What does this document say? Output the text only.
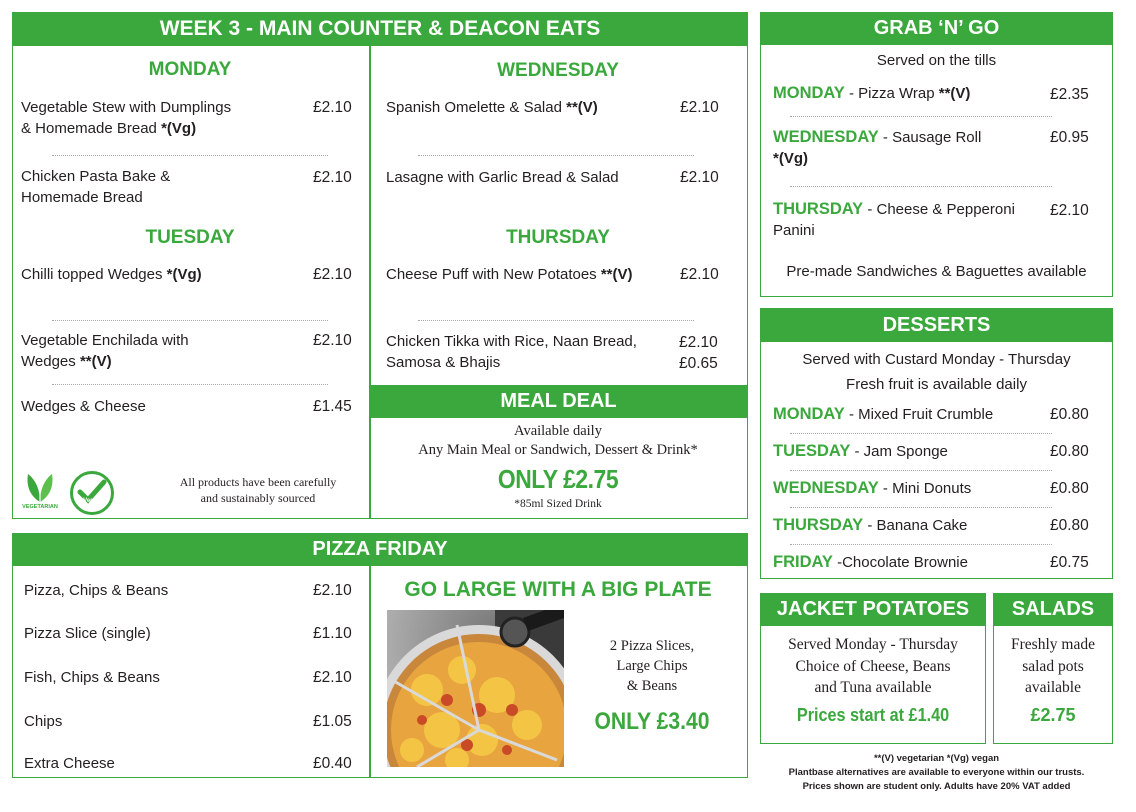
WEEK 3 - MAIN COUNTER & DEACON EATS
MONDAY
Vegetable Stew with Dumplings
& Homemade Bread *(Vg)
£2.10
Chicken Pasta Bake &
Homemade Bread
£2.10
TUESDAY
Chilli topped Wedges *(Vg)	£2.10
Vegetable Enchilada with
Wedges **(V)
£2.10
Wedges & Cheese	£1.45
VEGETARIAN
Vegan
All products have been carefully
and sustainably sourced
WEDNESDAY
Spanish Omelette & Salad **(V)	£2.10
Lasagne with Garlic Bread & Salad	£2.10
THURSDAY
Cheese Puff with New Potatoes **(V)	£2.10
Chicken Tikka with Rice, Naan Bread,
Samosa & Bhajis
£2.10
£0.65
MEAL DEAL
Available daily
Any Main Meal or Sandwich, Dessert & Drink*
ONLY £2.75
*85ml Sized Drink
PIZZA FRIDAY
Pizza, Chips & Beans	£2.10
Pizza Slice (single)	£1.10
Fish, Chips & Beans	£2.10
Chips	£1.05
Extra Cheese	£0.40
GO LARGE WITH A BIG PLATE
2 Pizza Slices,
Large Chips
& Beans
ONLY £3.40
GRAB ‘N’ GO
Served on the tills
MONDAY - Pizza Wrap **(V)	£2.35
WEDNESDAY - Sausage Roll
*(Vg)
£0.95
THURSDAY - Cheese & Pepperoni
Panini
£2.10
Pre-made Sandwiches & Baguettes available
DESSERTS
Served with Custard Monday - Thursday
Fresh fruit is available daily
MONDAY - Mixed Fruit Crumble	£0.80
TUESDAY - Jam Sponge	£0.80
WEDNESDAY - Mini Donuts	£0.80
THURSDAY - Banana Cake	£0.80
FRIDAY -Chocolate Brownie	£0.75
JACKET POTATOES
Served Monday - Thursday
Choice of Cheese, Beans
and Tuna available
Prices start at £1.40
SALADS
Freshly made
salad pots
available
£2.75
**(V) vegetarian *(Vg) vegan
Plantbase alternatives are available to everyone within our trusts.
Prices shown are student only. Adults have 20% VAT added
